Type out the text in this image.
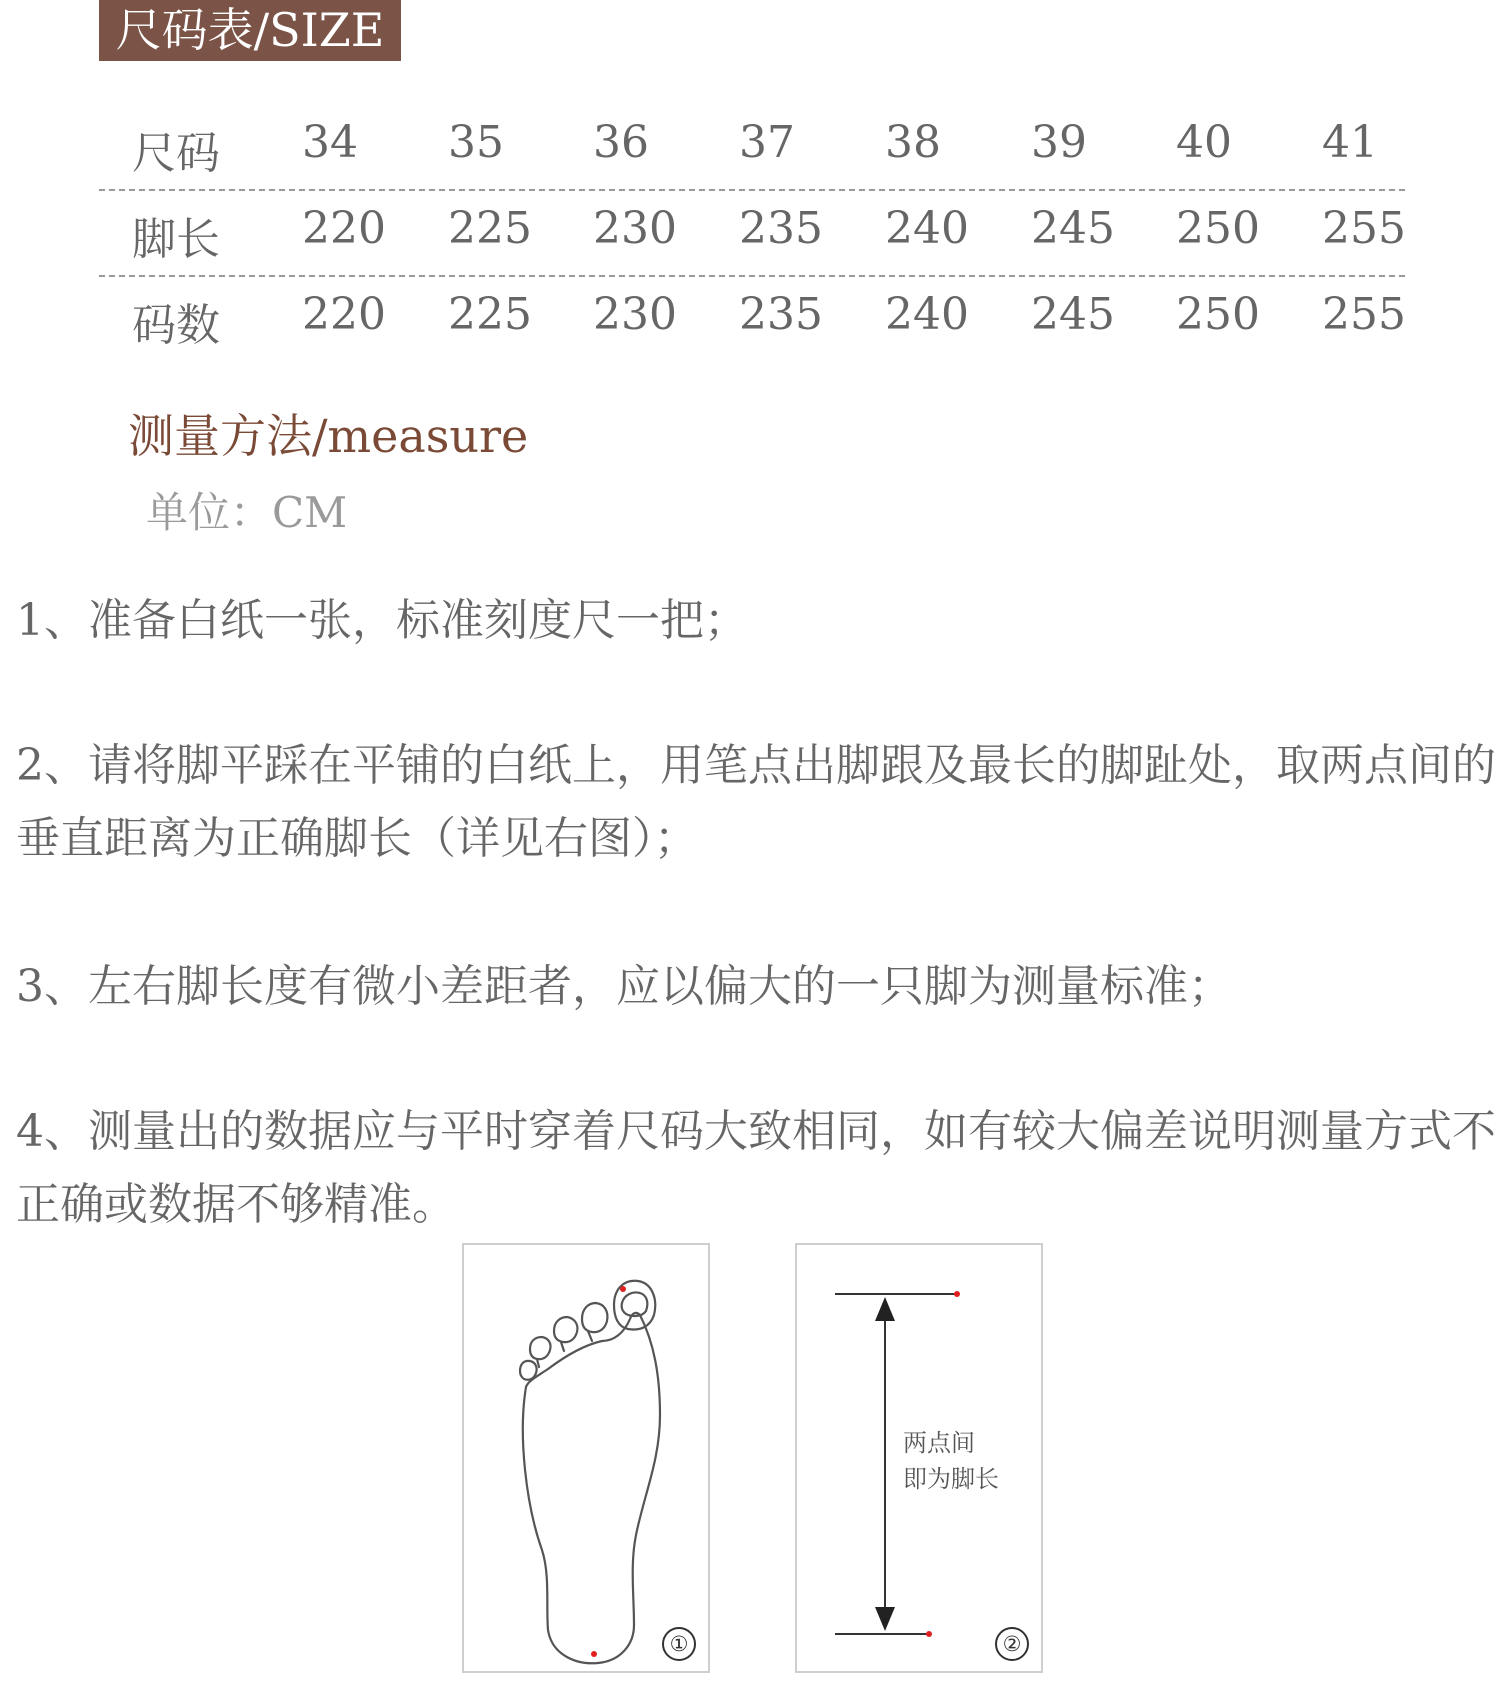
尺码表/SIZE
尺码 34 35 36 37 38 39 40 41
脚长 220 225 230 235 240 245 250 255
码数 220 225 230 235 240 245 250 255
测量方法/measure
单位：CM
1、准备白纸一张，标准刻度尺一把；
2、请将脚平踩在平铺的白纸上，用笔点出脚跟及最长的脚趾处，取两点间的垂直距离为正确脚长（详见右图）；
3、左右脚长度有微小差距者，应以偏大的一只脚为测量标准；
4、测量出的数据应与平时穿着尺码大致相同，如有较大偏差说明测量方式不正确或数据不够精准。
①
两点间
即为脚长
②
